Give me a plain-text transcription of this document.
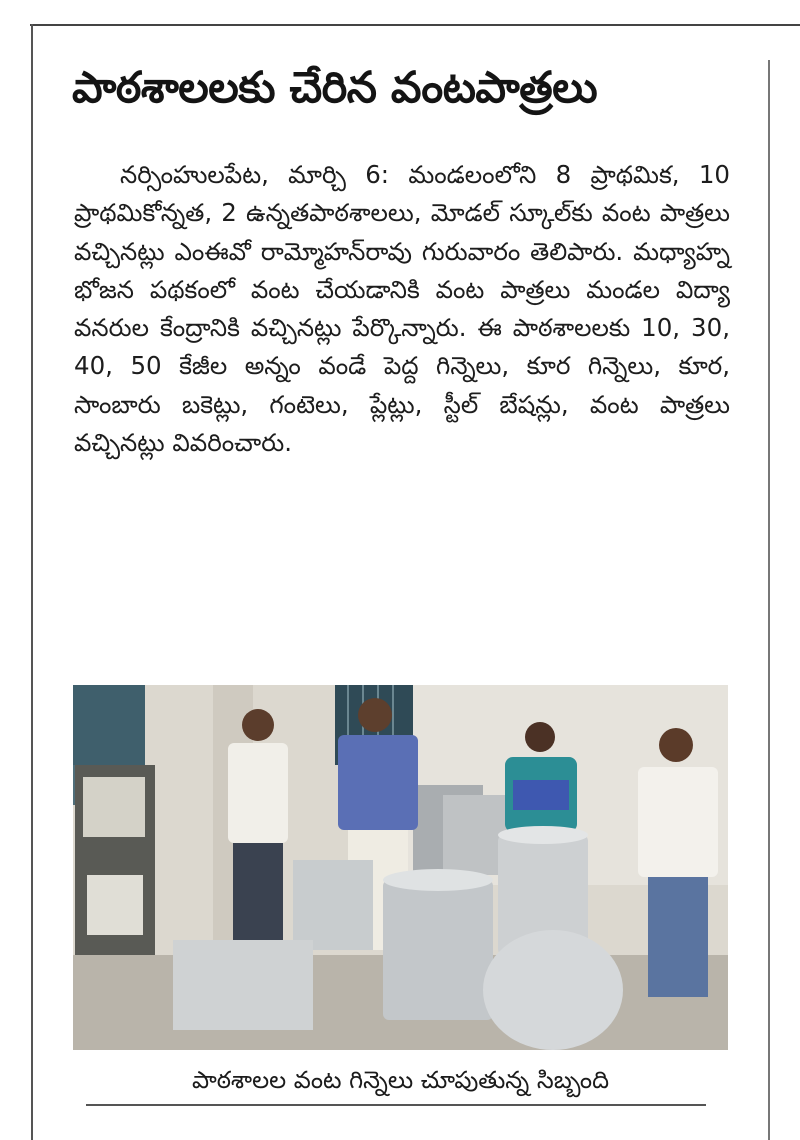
పాఠశాలలకు చేరిన వంటపాత్రలు
నర్సింహులపేట, మార్చి 6: మండలంలోని 8 ప్రాథమిక, 10 ప్రాథమికోన్నత, 2 ఉన్నతపాఠశాలలు, మోడల్ స్కూల్‌కు వంట పాత్రలు వచ్చినట్లు ఎంఈవో రామ్మోహన్‌రావు గురువారం తెలిపారు. మధ్యాహ్న భోజన పథకంలో వంట చేయడానికి వంట పాత్రలు మండల విద్యా వనరుల కేంద్రానికి వచ్చినట్లు పేర్కొన్నారు. ఈ పాఠశాలలకు 10, 30, 40, 50 కేజీల అన్నం వండే పెద్ద గిన్నెలు, కూర గిన్నెలు, కూర, సాంబారు బకెట్లు, గంటెలు, ప్లేట్లు, స్టీల్ బేషన్లు, వంట పాత్రలు వచ్చినట్లు వివరించారు.
పాఠశాలల వంట గిన్నెలు చూపుతున్న సిబ్బంది
